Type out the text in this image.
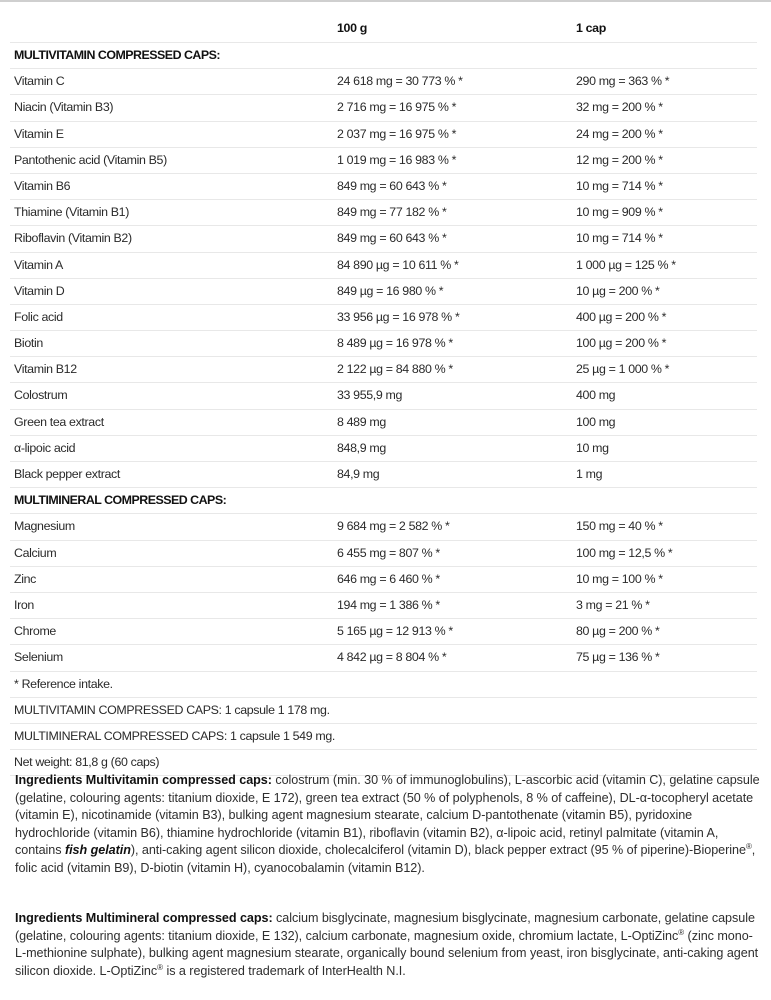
100 g	1 cap
MULTIVITAMIN COMPRESSED CAPS:
Vitamin C	24 618 mg = 30 773 % *	290 mg = 363 % *
Niacin (Vitamin B3)	2 716 mg = 16 975 % *	32 mg = 200 % *
Vitamin E	2 037 mg = 16 975 % *	24 mg = 200 % *
Pantothenic acid (Vitamin B5)	1 019 mg = 16 983 % *	12 mg = 200 % *
Vitamin B6	849 mg = 60 643 % *	10 mg = 714 % *
Thiamine (Vitamin B1)	849 mg = 77 182 % *	10 mg = 909 % *
Riboflavin (Vitamin B2)	849 mg = 60 643 % *	10 mg = 714 % *
Vitamin A	84 890 µg = 10 611 % *	1 000 µg = 125 % *
Vitamin D	849 µg = 16 980 % *	10 µg = 200 % *
Folic acid	33 956 µg = 16 978 % *	400 µg = 200 % *
Biotin	8 489 µg = 16 978 % *	100 µg = 200 % *
Vitamin B12	2 122 µg = 84 880 % *	25 µg = 1 000 % *
Colostrum	33 955,9 mg	400 mg
Green tea extract	8 489 mg	100 mg
α-lipoic acid	848,9 mg	10 mg
Black pepper extract	84,9 mg	1 mg
MULTIMINERAL COMPRESSED CAPS:
Magnesium	9 684 mg = 2 582 % *	150 mg = 40 % *
Calcium	6 455 mg = 807 % *	100 mg = 12,5 % *
Zinc	646 mg = 6 460 % *	10 mg = 100 % *
Iron	194 mg = 1 386 % *	3 mg = 21 % *
Chrome	5 165 µg = 12 913 % *	80 µg = 200 % *
Selenium	4 842 µg = 8 804 % *	75 µg = 136 % *
* Reference intake.
MULTIVITAMIN COMPRESSED CAPS: 1 capsule 1 178 mg.
MULTIMINERAL COMPRESSED CAPS: 1 capsule 1 549 mg.
Net weight: 81,8 g (60 caps)
Ingredients Multivitamin compressed caps: colostrum (min. 30 % of immunoglobulins), L-ascorbic acid (vitamin C), gelatine capsule (gelatine, colouring agents: titanium dioxide, E 172), green tea extract (50 % of polyphenols, 8 % of caffeine), DL-α-tocopheryl acetate (vitamin E), nicotinamide (vitamin B3), bulking agent magnesium stearate, calcium D-pantothenate (vitamin B5), pyridoxine hydrochloride (vitamin B6), thiamine hydrochloride (vitamin B1), riboflavin (vitamin B2), α-lipoic acid, retinyl palmitate (vitamin A, contains fish gelatin), anti-caking agent silicon dioxide, cholecalciferol (vitamin D), black pepper extract (95 % of piperine)-Bioperine®, folic acid (vitamin B9), D-biotin (vitamin H), cyanocobalamin (vitamin B12).
Ingredients Multimineral compressed caps: calcium bisglycinate, magnesium bisglycinate, magnesium carbonate, gelatine capsule (gelatine, colouring agents: titanium dioxide, E 132), calcium carbonate, magnesium oxide, chromium lactate, L-OptiZinc® (zinc mono-L-methionine sulphate), bulking agent magnesium stearate, organically bound selenium from yeast, iron bisglycinate, anti-caking agent silicon dioxide. L-OptiZinc® is a registered trademark of InterHealth N.I.
